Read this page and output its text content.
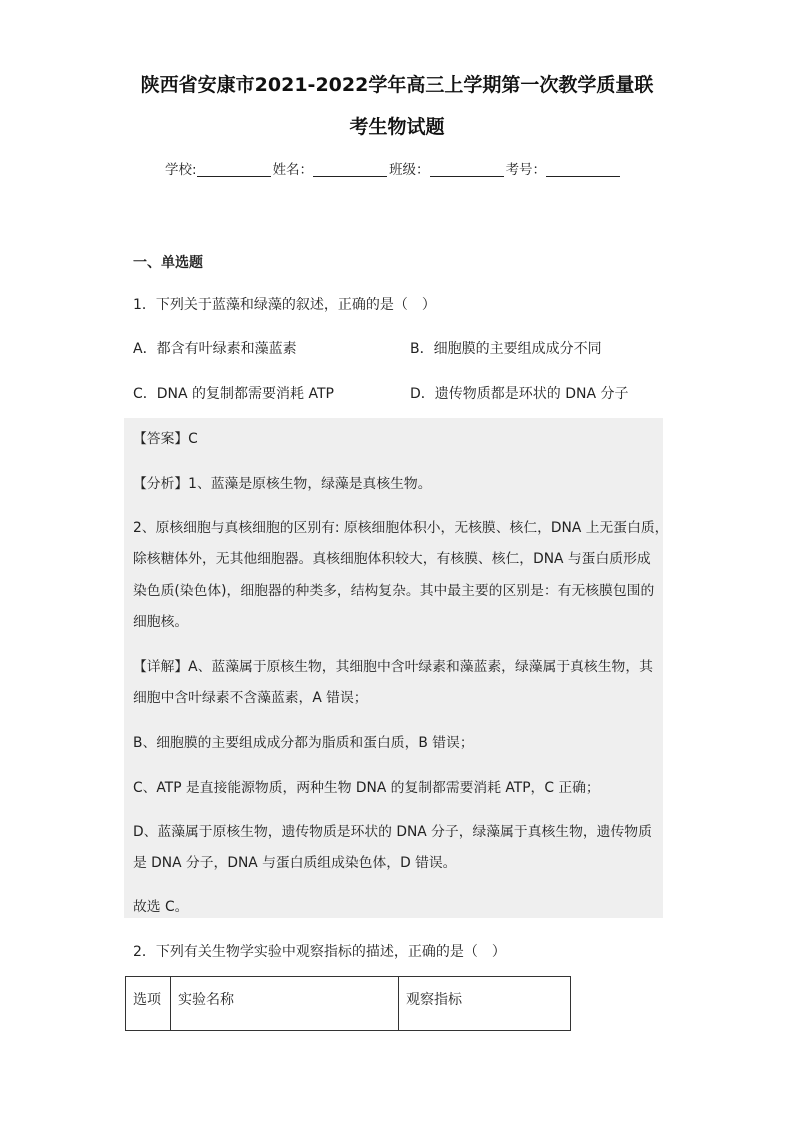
陕西省安康市2021-2022学年高三上学期第一次教学质量联
考生物试题
学校:	姓名：	班级：	考号：
一、单选题
1．下列关于蓝藻和绿藻的叙述，正确的是（　）
A．都含有叶绿素和藻蓝素	B．细胞膜的主要组成成分不同
C．DNA 的复制都需要消耗 ATP	D．遗传物质都是环状的 DNA 分子
【答案】C
【分析】1、蓝藻是原核生物，绿藻是真核生物。
2、原核细胞与真核细胞的区别有: 原核细胞体积小，无核膜、核仁，DNA 上无蛋白质，
除核糖体外，无其他细胞器。真核细胞体积较大，有核膜、核仁，DNA 与蛋白质形成
染色质(染色体)，细胞器的种类多，结构复杂。其中最主要的区别是：有无核膜包围的
细胞核。
【详解】A、蓝藻属于原核生物，其细胞中含叶绿素和藻蓝素，绿藻属于真核生物，其
细胞中含叶绿素不含藻蓝素，A 错误；
B、细胞膜的主要组成成分都为脂质和蛋白质，B 错误；
C、ATP 是直接能源物质，两种生物 DNA 的复制都需要消耗 ATP，C 正确；
D、蓝藻属于原核生物，遗传物质是环状的 DNA 分子，绿藻属于真核生物，遗传物质
是 DNA 分子，DNA 与蛋白质组成染色体，D 错误。
故选 C。
2．下列有关生物学实验中观察指标的描述，正确的是（　）
选项	实验名称	观察指标
